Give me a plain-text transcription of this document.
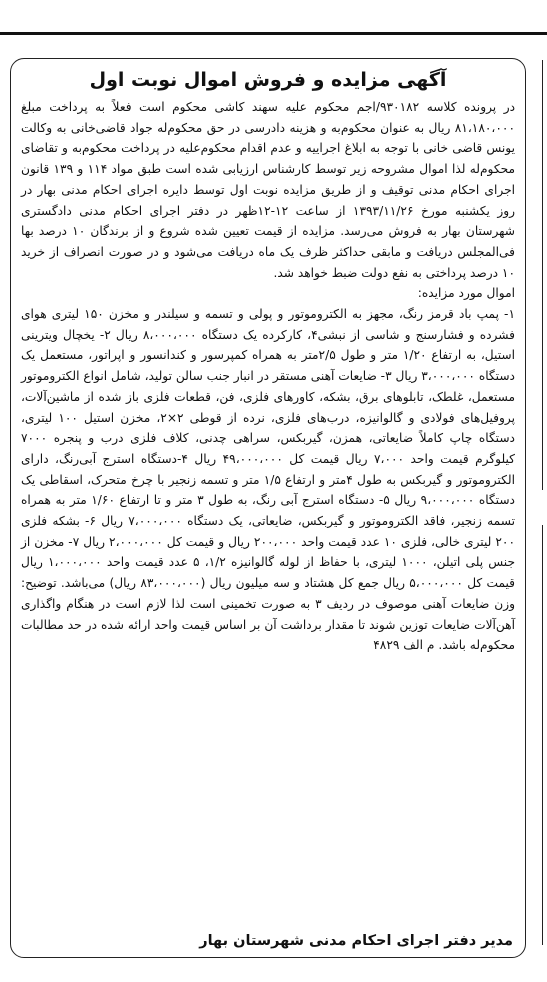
آگهی مزایده و فروش اموال نوبت اول

در پرونده کلاسه ۹۳۰۱۸۲/اجم محکوم علیه سهند کاشی محکوم است فعلاً به پرداخت مبلغ ۸۱،۱۸۰،۰۰۰ ریال به عنوان محکوم‌به و هزینه دادرسی در حق محکوم‌له جواد قاضی‌خانی به وکالت یونس قاضی خانی با توجه به ابلاغ اجراییه و عدم اقدام محکوم‌علیه در پرداخت محکوم‌به و تقاضای محکوم‌له لذا اموال مشروحه زیر توسط کارشناس ارزیابی شده است طبق مواد ۱۱۴ و ۱۳۹ قانون اجرای احکام مدنی توقیف و از طریق مزایده نوبت اول توسط دایره اجرای احکام مدنی بهار در روز یکشنبه مورخ ۱۳۹۳/۱۱/۲۶ از ساعت ۱۲-۱۲ظهر در دفتر اجرای احکام مدنی دادگستری شهرستان بهار به فروش می‌رسد. مزایده از قیمت تعیین شده شروع و از برندگان ۱۰ درصد بها فی‌المجلس دریافت و مابقی حداکثر ظرف یک ماه دریافت می‌شود و در صورت انصراف از خرید ۱۰ درصد پرداختی به نفع دولت ضبط خواهد شد.

اموال مورد مزایده:

۱- پمپ باد قرمز رنگ، مجهز به الکتروموتور و پولی و تسمه و سیلندر و مخزن ۱۵۰ لیتری هوای فشرده و فشارسنج و شاسی از نبشی۴، کارکرده یک دستگاه ۸،۰۰۰،۰۰۰ ریال ۲- یخچال ویترینی استیل، به ارتفاع ۱/۲۰ متر و طول ۲/۵متر به همراه کمپرسور و کندانسور و اپراتور، مستعمل یک دستگاه ۳،۰۰۰،۰۰۰ ریال ۳- ضایعات آهنی مستقر در انبار جنب سالن تولید، شامل انواع الکتروموتور مستعمل، غلطک، تابلوهای برق، بشکه، کاورهای فلزی، فن، قطعات فلزی باز شده از ماشین‌آلات، پروفیل‌های فولادی و گالوانیزه، درب‌های فلزی، نرده از قوطی ۲×۲، مخزن استیل ۱۰۰ لیتری، دستگاه چاپ کاملاً ضایعاتی، همزن، گیربکس، سراهی چدنی، کلاف فلزی درب و پنجره ۷۰۰۰ کیلوگرم قیمت واحد ۷،۰۰۰ ریال قیمت کل ۴۹،۰۰۰،۰۰۰ ریال ۴-دستگاه استرج آبی‌رنگ، دارای الکتروموتور و گیربکس به طول ۴متر و ارتفاع ۱/۵ متر و تسمه زنجیر با چرخ متحرک، اسقاطی یک دستگاه ۹،۰۰۰،۰۰۰ ریال ۵- دستگاه استرج آبی رنگ، به طول ۳ متر و تا ارتفاع ۱/۶۰ متر به همراه تسمه زنجیر، فاقد الکتروموتور و گیربکس، ضایعاتی، یک دستگاه ۷،۰۰۰،۰۰۰ ریال ۶- بشکه فلزی ۲۰۰ لیتری خالی، فلزی ۱۰ عدد قیمت واحد ۲۰۰،۰۰۰ ریال و قیمت کل ۲،۰۰۰،۰۰۰ ریال ۷- مخزن از جنس پلی اتیلن، ۱۰۰۰ لیتری، با حفاظ از لوله گالوانیزه ۱/۲، ۵ عدد قیمت واحد ۱،۰۰۰،۰۰۰ ریال قیمت کل ۵،۰۰۰،۰۰۰ ریال جمع کل هشتاد و سه میلیون ریال (۸۳،۰۰۰،۰۰۰ ریال) می‌باشد. توضیح: وزن ضایعات آهنی موصوف در ردیف ۳ به صورت تخمینی است لذا لازم است در هنگام واگذاری آهن‌آلات ضایعات توزین شوند تا مقدار برداشت آن بر اساس قیمت واحد ارائه شده در حد مطالبات محکوم‌له باشد. م الف ۴۸۲۹

مدیر دفتر اجرای احکام مدنی شهرستان بهار
